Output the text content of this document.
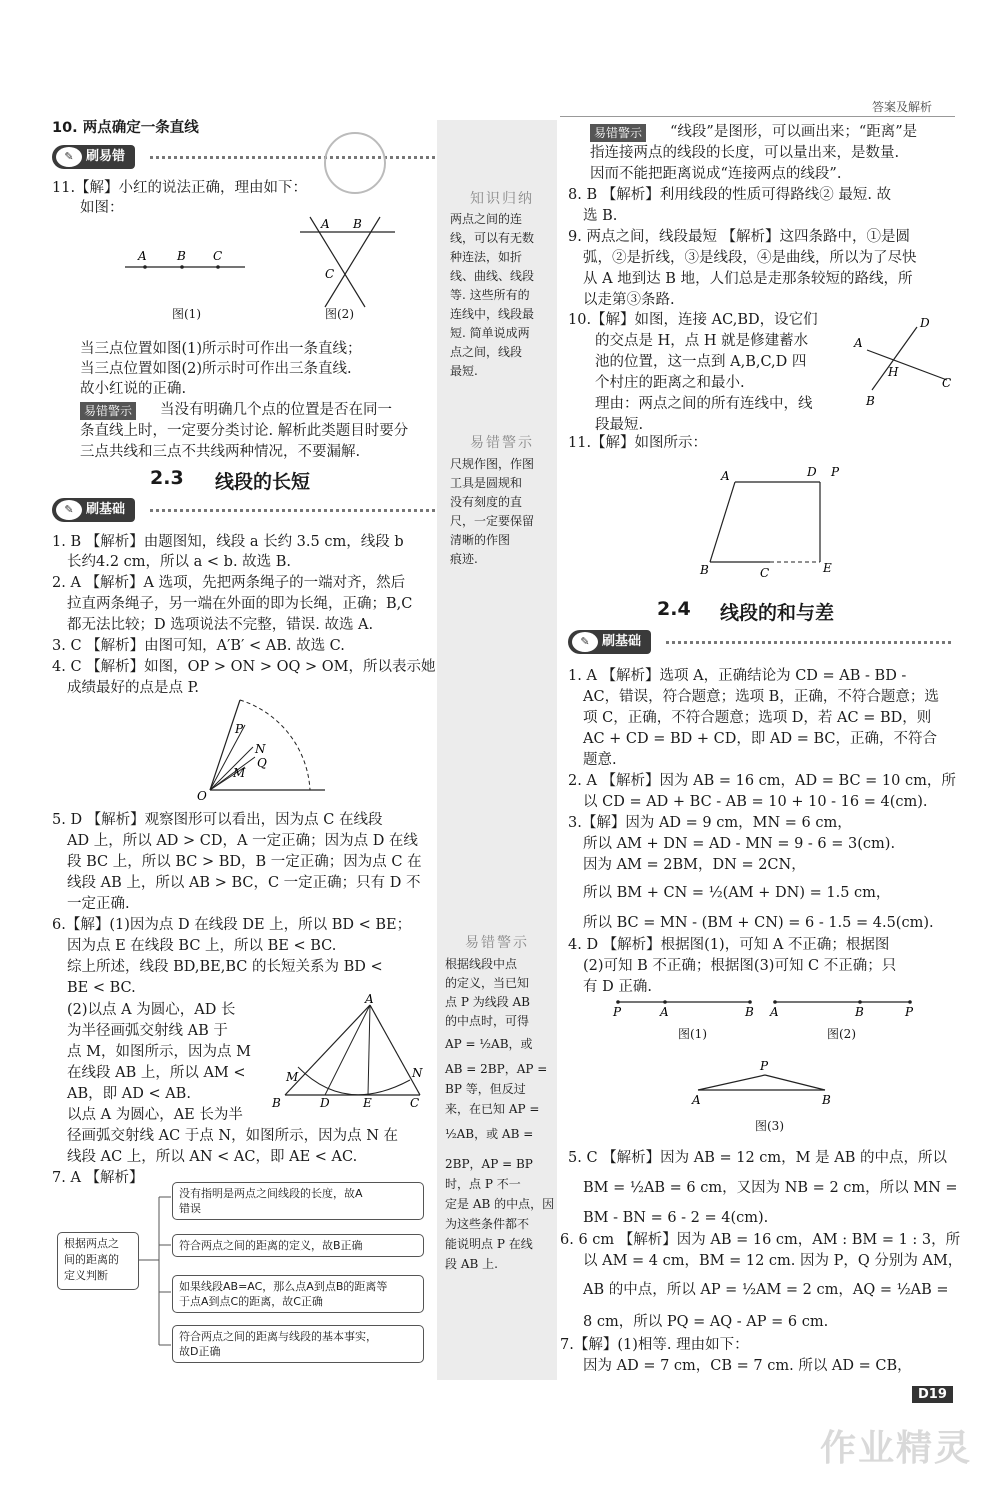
答案及解析
10. 两点确定一条直线
✎ 刷易错
11.【解】小红的说法正确，理由如下：
如图：
A	B C
图(1)
A B
C
图(2)
当三点位置如图(1)所示时可作出一条直线；
当三点位置如图(2)所示时可作出三条直线.
故小红说的正确.
易错警示 当没有明确几个点的位置是否在同一
条直线上时，一定要分类讨论. 解析此类题目时要分
三点共线和三点不共线两种情况，不要漏解.
2.3 线段的长短
✎ 刷基础
1. B 【解析】由题图知，线段 a 长约 3.5 cm，线段 b
长约4.2 cm，所以 a < b. 故选 B.
2. A 【解析】A 选项，先把两条绳子的一端对齐，然后
拉直两条绳子，另一端在外面的即为长绳，正确；B,C
都无法比较；D 选项说法不完整，错误. 故选 A.
3. C 【解析】由图可知，A′B′ < AB. 故选 C.
4. C 【解析】如图，OP > ON > OQ > OM，所以表示她
成绩最好的点是点 P.
P
N
Q
M
O
5. D 【解析】观察图形可以看出，因为点 C 在线段
AD 上，所以 AD > CD，A 一定正确；因为点 D 在线
段 BC 上，所以 BC > BD，B 一定正确；因为点 C 在
线段 AB 上，所以 AB > BC，C 一定正确；只有 D 不
一定正确.
6.【解】(1)因为点 D 在线段 DE 上，所以 BD < BE；
因为点 E 在线段 BC 上，所以 BE < BC.
综上所述，线段 BD,BE,BC 的长短关系为 BD <
BE < BC.
(2)以点 A 为圆心，AD 长
为半径画弧交射线 AB 于
点 M，如图所示，因为点 M
在线段 AB 上，所以 AM <
AB，即 AD < AB.
以点 A 为圆心，AE 长为半
径画弧交射线 AC 于点 N，如图所示，因为点 N 在
线段 AC 上，所以 AN < AC，即 AE < AC.
A
B	D	E	C
M	N
7. A 【解析】
根据两点之
间的距离的
定义判断
没有指明是两点之间线段的长度，故A
错误
符合两点之间的距离的定义，故B正确
如果线段AB=AC，那么点A到点B的距离等
于点A到点C的距离，故C正确
符合两点之间的距离与线段的基本事实，
故D正确
知识归纳
两点之间的连
线，可以有无数
种连法，如折
线、曲线、线段
等. 这些所有的
连线中，线段最
短. 简单说成两
点之间，线段
最短.
易错警示
尺规作图，作图
工具是圆规和
没有刻度的直
尺，一定要保留
清晰的作图
痕迹.
易错警示
根据线段中点
的定义，当已知
点 P 为线段 AB
的中点时，可得
AP = ½AB，或
AB = 2BP，AP =
BP 等，但反过
来，在已知 AP =
½AB，或 AB =
2BP，AP = BP
时，点 P 不一
定是 AB 的中点，因
为这些条件都不
能说明点 P 在线
段 AB 上.
易错警示 “线段”是图形，可以画出来；“距离”是
指连接两点的线段的长度，可以量出来，是数量.
因而不能把距离说成“连接两点的线段”.
8. B 【解析】利用线段的性质可得路线② 最短. 故
选 B.
9. 两点之间，线段最短 【解析】这四条路中，①是圆
弧，②是折线，③是线段，④是曲线，所以为了尽快
从 A 地到达 B 地，人们总是走那条较短的路线，所
以走第③条路.
10.【解】如图，连接 AC,BD，设它们
的交点是 H，点 H 就是修建蓄水
池的位置，这一点到 A,B,C,D 四
个村庄的距离之和最小.
理由：两点之间的所有连线中，线
段最短.
A
D
H
C
B
11.【解】如图所示：
A	D P
B	C	E
2.4 线段的和与差
✎ 刷基础
1. A 【解析】选项 A，正确结论为 CD = AB - BD -
AC，错误，符合题意；选项 B，正确，不符合题意；选
项 C，正确，不符合题意；选项 D，若 AC = BD，则
AC + CD = BD + CD，即 AD = BC，正确，不符合
题意.
2. A 【解析】因为 AB = 16 cm，AD = BC = 10 cm，所
以 CD = AD + BC - AB = 10 + 10 - 16 = 4(cm).
3.【解】因为 AD = 9 cm，MN = 6 cm，
所以 AM + DN = AD - MN = 9 - 6 = 3(cm).
因为 AM = 2BM，DN = 2CN，
所以 BM + CN = ½(AM + DN) = 1.5 cm，
所以 BC = MN - (BM + CN) = 6 - 1.5 = 4.5(cm).
4. D 【解析】根据图(1)，可知 A 不正确；根据图
(2)可知 B 不正确；根据图(3)可知 C 不正确；只
有 D 正确.
P	A	B A	B	P
图(1)	图(2)
P
A	B
图(3)
5. C 【解析】因为 AB = 12 cm，M 是 AB 的中点，所以
BM = ½AB = 6 cm，又因为 NB = 2 cm，所以 MN =
BM - BN = 6 - 2 = 4(cm).
6. 6 cm 【解析】因为 AB = 16 cm，AM : BM = 1 : 3，所
以 AM = 4 cm，BM = 12 cm. 因为 P，Q 分别为 AM，
AB 的中点，所以 AP = ½AM = 2 cm，AQ = ½AB =
8 cm，所以 PQ = AQ - AP = 6 cm.
7.【解】(1)相等. 理由如下：
因为 AD = 7 cm，CB = 7 cm. 所以 AD = CB，
D19
作业精灵
